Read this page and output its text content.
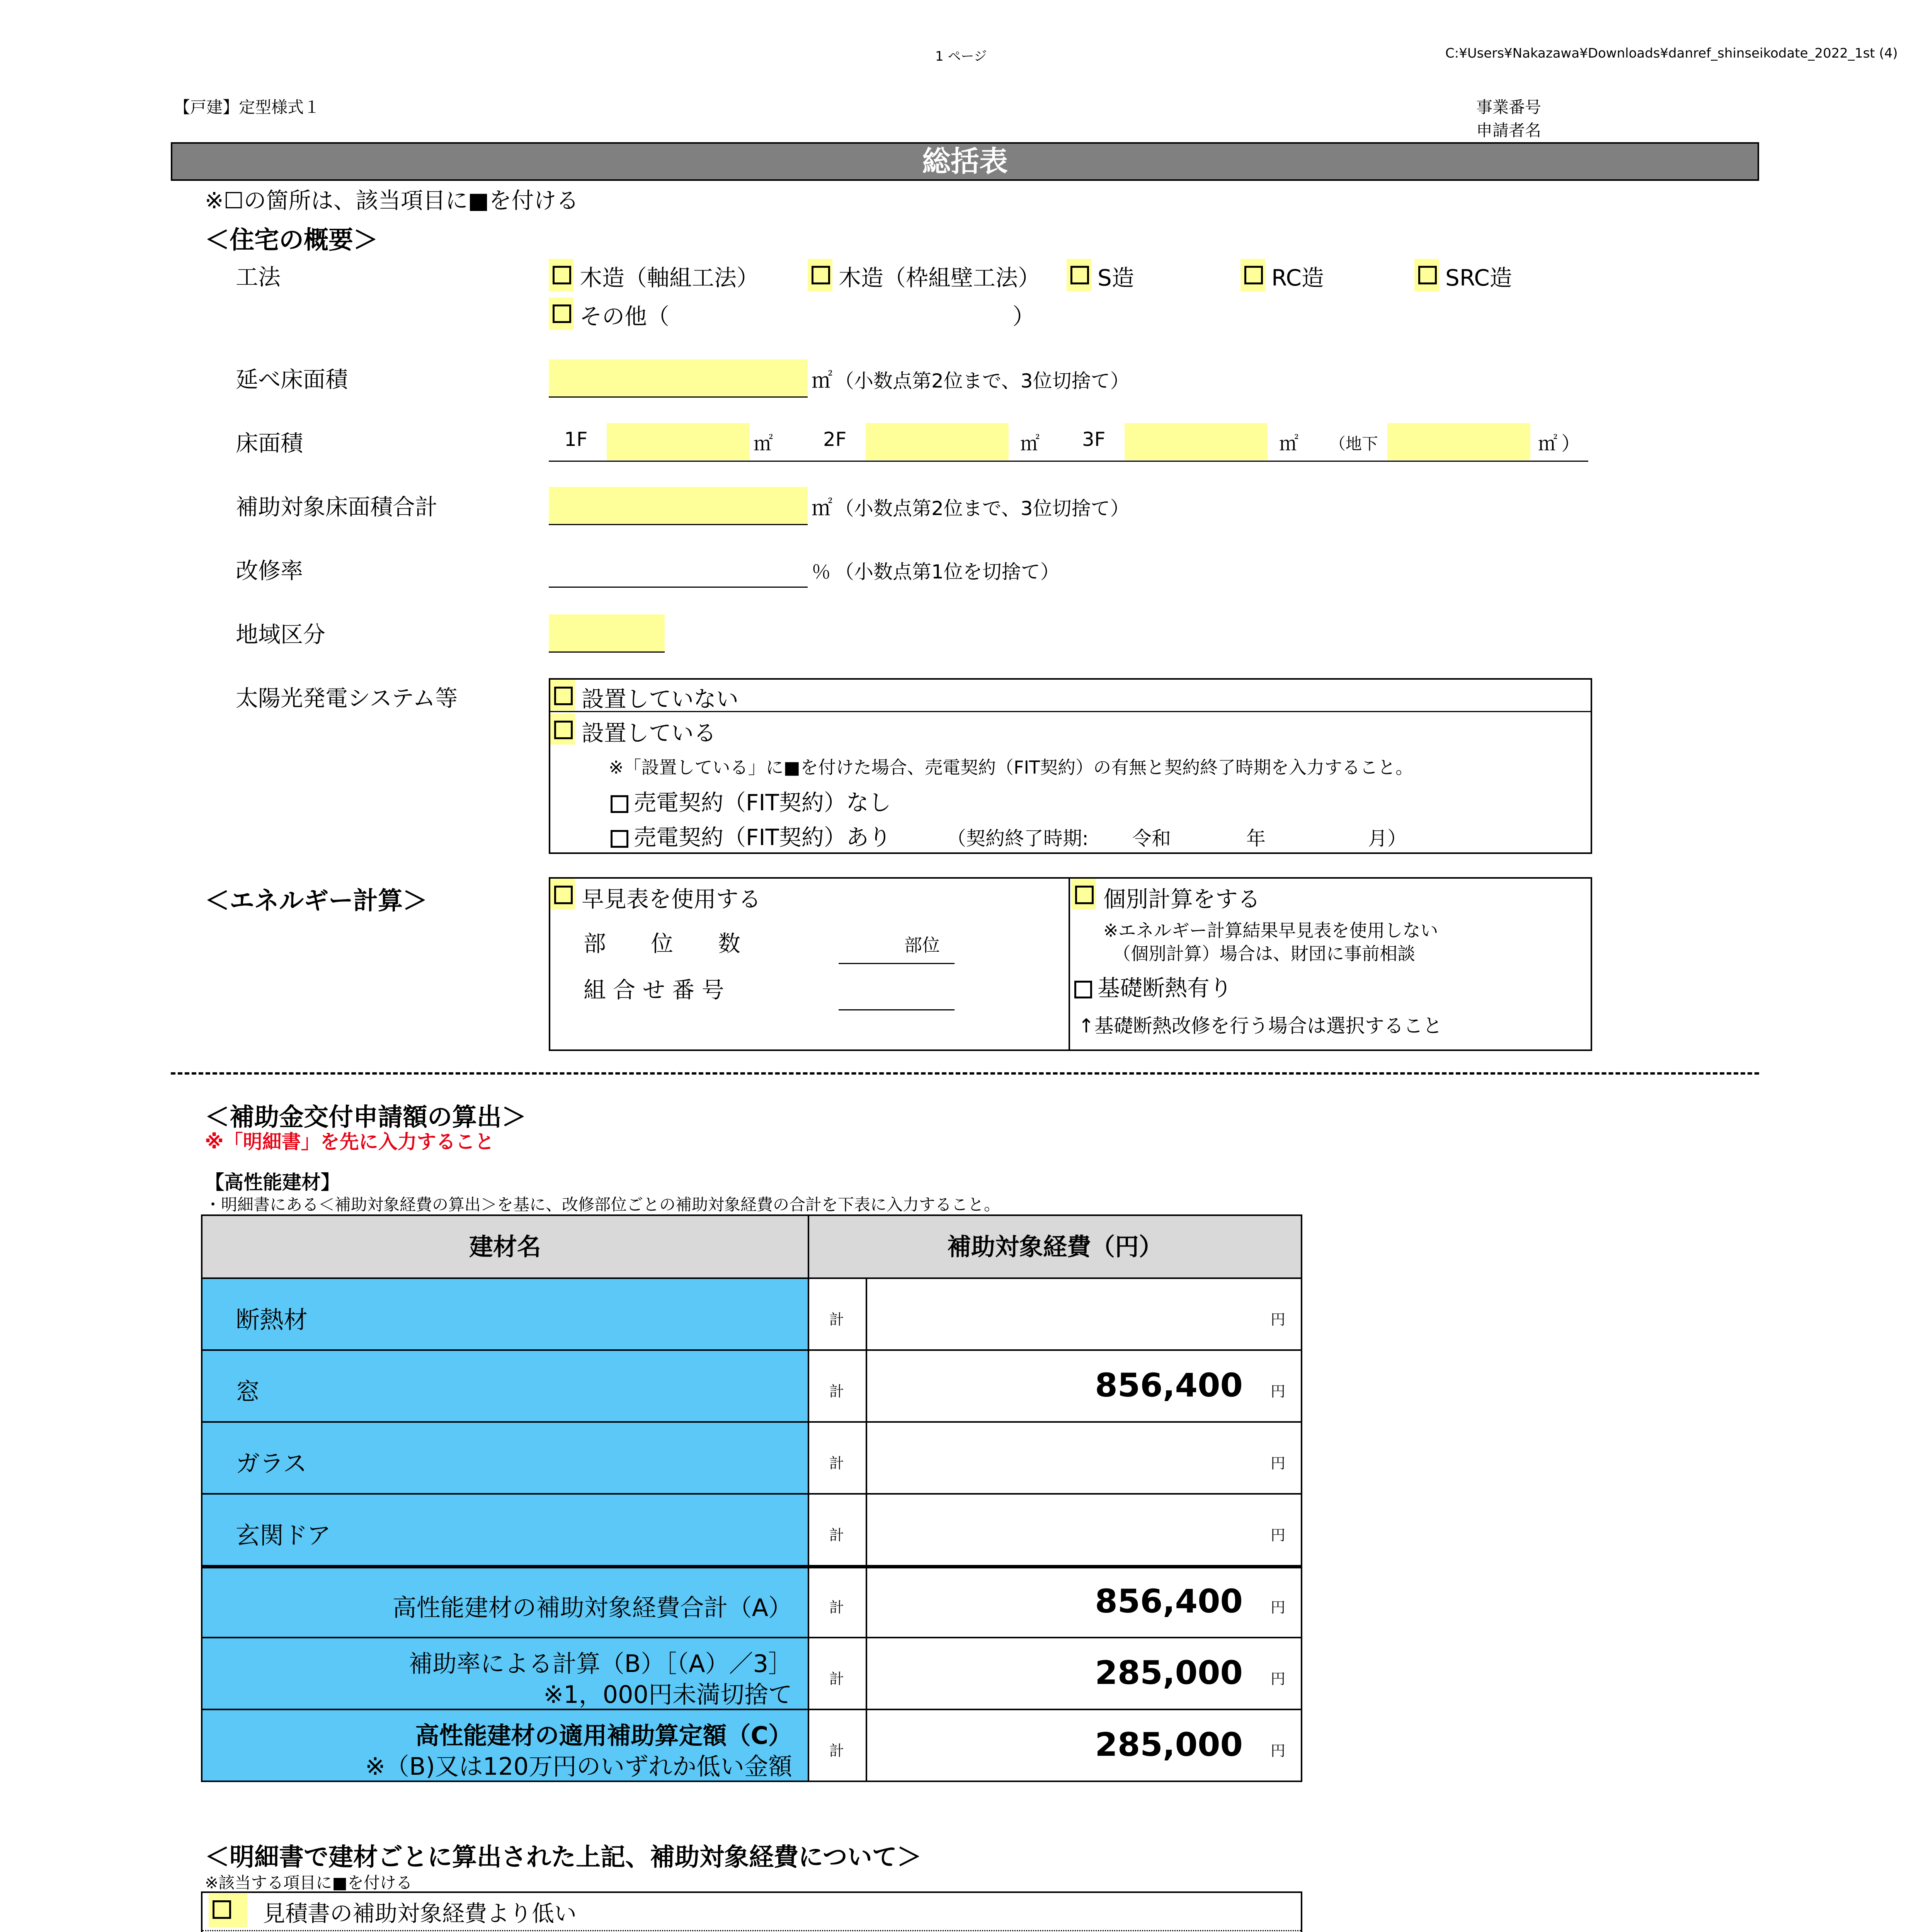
1 ページ	C:¥Users¥Nakazawa¥Downloads¥danref_shinseikodate_2022_1st (4)
【戸建】定型様式１	事業番号
申請者名
総括表
※☐の箇所は、該当項目に■を付ける
＜住宅の概要＞
工法	木造（軸組工法）	木造（枠組壁工法）	S造	RC造	SRC造
その他（	）
延べ床面積	㎡ （小数点第2位まで、3位切捨て）
床面積	1F	㎡	2F	㎡ 3F	㎡ （地下	㎡ ）
補助対象床面積合計	㎡ （小数点第2位まで、3位切捨て）
改修率	％ （小数点第1位を切捨て）
地域区分
太陽光発電システム等	設置していない
設置している
※「設置している」に■を付けた場合、売電契約（FIT契約）の有無と契約終了時期を入力すること。
売電契約（FIT契約）なし
売電契約（FIT契約）あり	（契約終了時期: 令和	年	月）
＜エネルギー計算＞	早見表を使用する
部　　位　　数	部位
組 合 せ 番 号
個別計算をする
※エネルギー計算結果早見表を使用しない
（個別計算）場合は、財団に事前相談
基礎断熱有り
↑基礎断熱改修を行う場合は選択すること
＜補助金交付申請額の算出＞
※「明細書」を先に入力すること
【高性能建材】
・明細書にある＜補助対象経費の算出＞を基に、改修部位ごとの補助対象経費の合計を下表に入力すること。
建材名	補助対象経費（円）
断熱材	計	円
窓	計	856,400 円
ガラス	計	円
玄関ドア	計	円
高性能建材の補助対象経費合計（A）	計	856,400 円
補助率による計算（B）［（A）／3］
※1，000円未満切捨て
計	285,000 円
高性能建材の適用補助算定額（C）
※（B)又は120万円のいずれか低い金額
計	285,000 円
＜明細書で建材ごとに算出された上記、補助対象経費について＞
※該当する項目に■を付ける
見積書の補助対象経費より低い
